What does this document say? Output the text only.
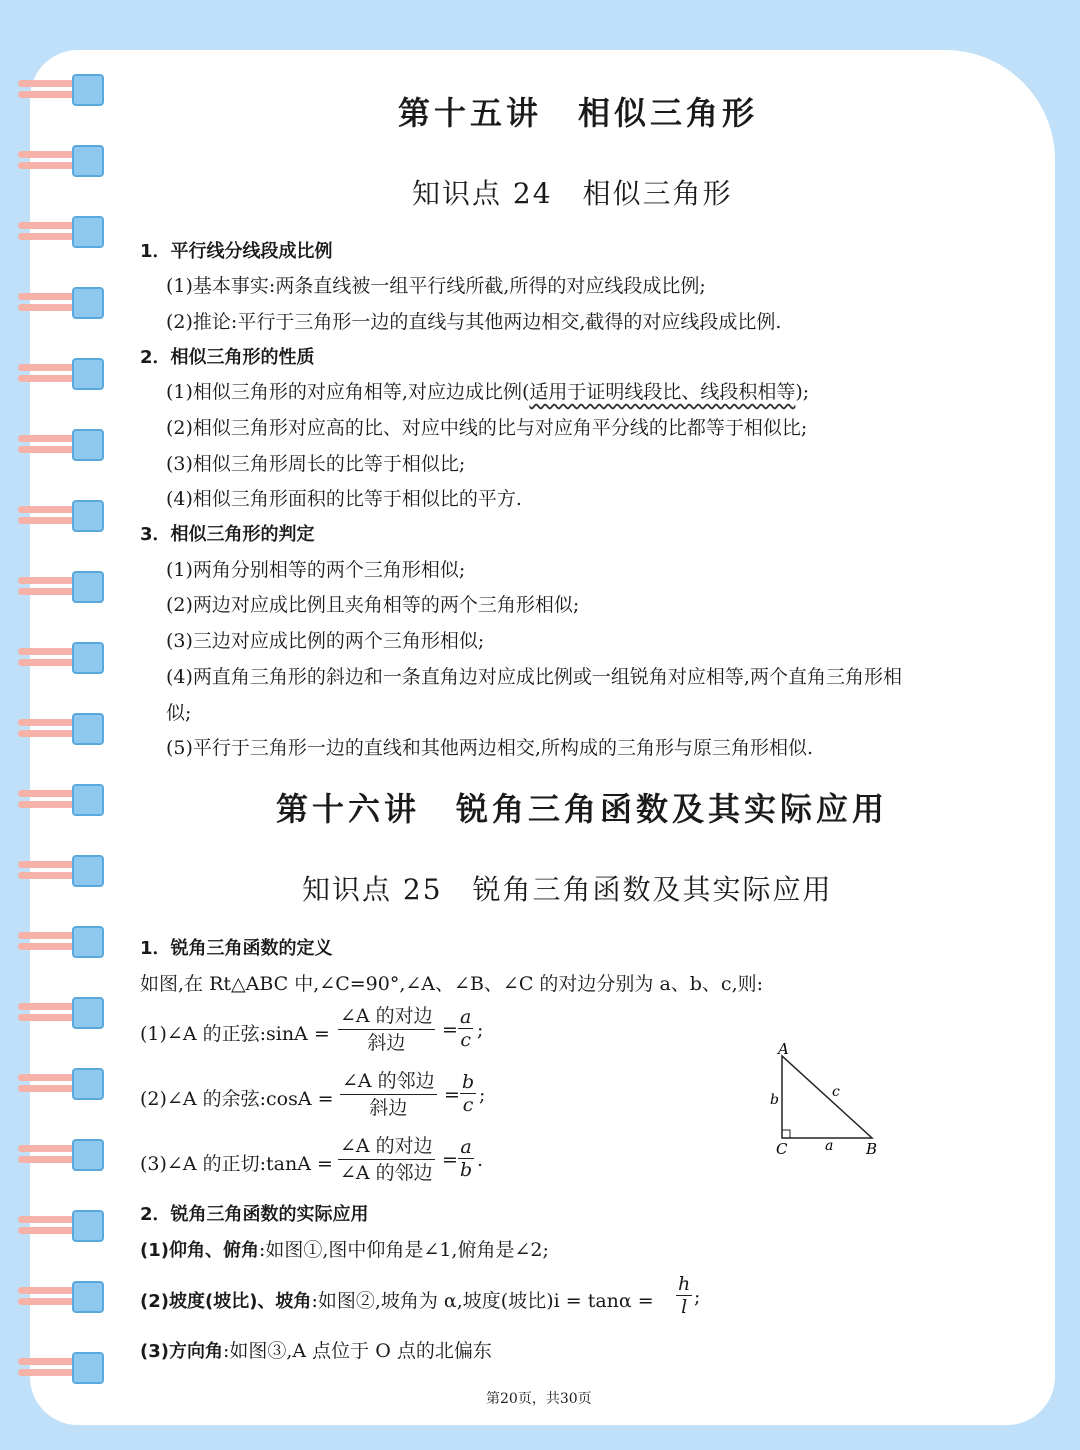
第十五讲　相似三角形
知识点 24　相似三角形
1．平行线分线段成比例
(1)基本事实:两条直线被一组平行线所截,所得的对应线段成比例;
(2)推论:平行于三角形一边的直线与其他两边相交,截得的对应线段成比例.
2．相似三角形的性质
(1)相似三角形的对应角相等,对应边成比例(适用于证明线段比、线段积相等);
(2)相似三角形对应高的比、对应中线的比与对应角平分线的比都等于相似比;
(3)相似三角形周长的比等于相似比;
(4)相似三角形面积的比等于相似比的平方.
3．相似三角形的判定
(1)两角分别相等的两个三角形相似;
(2)两边对应成比例且夹角相等的两个三角形相似;
(3)三边对应成比例的两个三角形相似;
(4)两直角三角形的斜边和一条直角边对应成比例或一组锐角对应相等,两个直角三角形相
似;
(5)平行于三角形一边的直线和其他两边相交,所构成的三角形与原三角形相似.
第十六讲　锐角三角函数及其实际应用
知识点 25　锐角三角函数及其实际应用
1．锐角三角函数的定义
如图,在 Rt△ABC 中,∠C=90°,∠A、∠B、∠C 的对边分别为 a、b、c,则:
(1)∠A 的正弦:sinA =
∠A 的对边
斜边
=
a
c ;
(2)∠A 的余弦:cosA =
∠A 的邻边
斜边
=
b
c ;
(3)∠A 的正切:tanA =
∠A 的对边
∠A 的邻边
=
a
b .
A
C	B
b
a
c
2．锐角三角函数的实际应用
(1)仰角、俯角:如图①,图中仰角是∠1,俯角是∠2;
(2)坡度(坡比)、坡角:如图②,坡角为 α,坡度(坡比)i = tanα =
h
l ;
(3)方向角:如图③,A 点位于 O 点的北偏东
第20页，共30页
